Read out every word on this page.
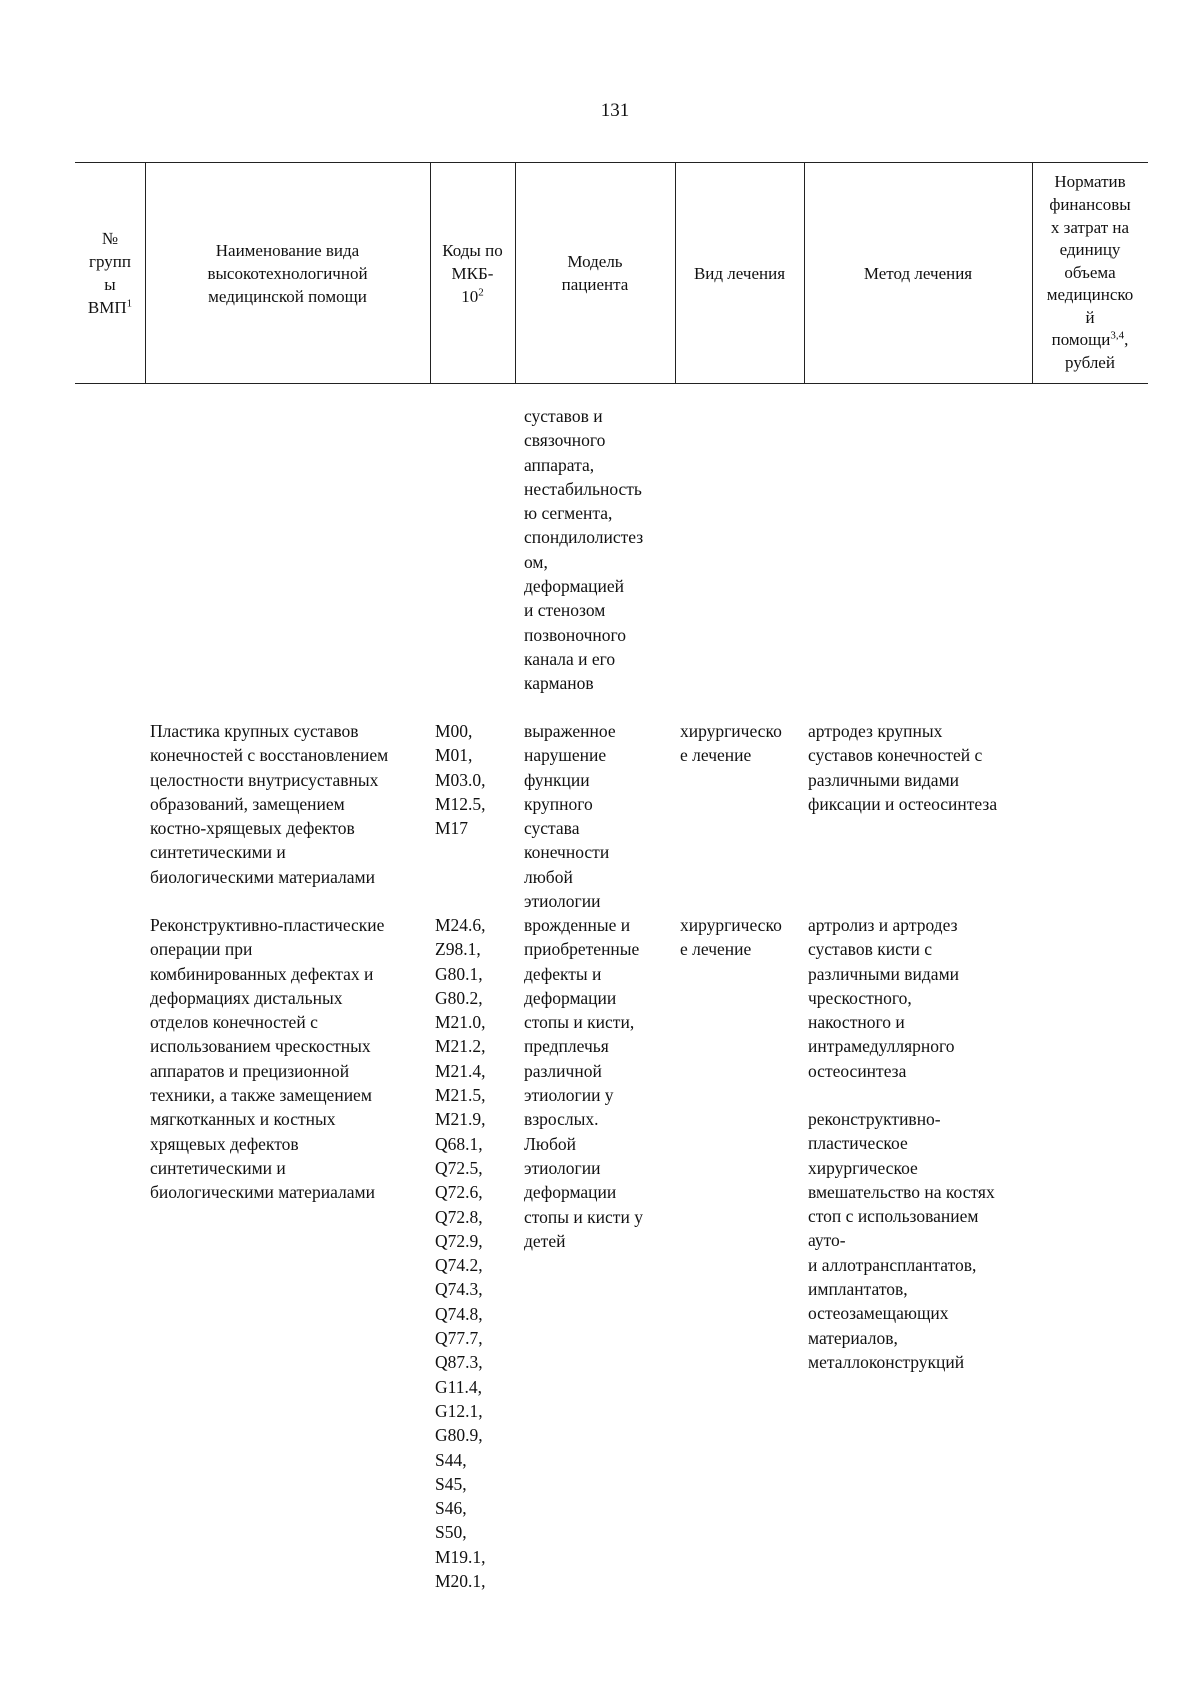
131
№
групп
ы
ВМП$^1$
Наименование вида
высокотехнологичной
медицинской помощи
Коды по
МКБ-
$10^2$
Модель
пациента
Вид лечения	Метод лечения
Норматив
финансовы
х затрат на
единицу
объема
медицинско
й
помощи$^{3,4}$,
рублей
суставов и
связочного
аппарата,
нестабильность
ю сегмента,
спондилолистез
ом,
деформацией
и стенозом
позвоночного
канала и его
карманов
Пластика крупных суставов
конечностей с восстановлением
целостности внутрисуставных
образований, замещением
костно-хрящевых дефектов
синтетическими и
биологическими материалами
M00,
M01,
M03.0,
M12.5,
M17
выраженное
нарушение
функции
крупного
сустава
конечности
любой
этиологии
хирургическо
е лечение
артродез крупных
суставов конечностей с
различными видами
фиксации и остеосинтеза
Реконструктивно-пластические
операции при
комбинированных дефектах и
деформациях дистальных
отделов конечностей с
использованием чрескостных
аппаратов и прецизионной
техники, а также замещением
мягкотканных и костных
хрящевых дефектов
синтетическими и
биологическими материалами
M24.6,
Z98.1,
G80.1,
G80.2,
M21.0,
M21.2,
M21.4,
M21.5,
M21.9,
Q68.1,
Q72.5,
Q72.6,
Q72.8,
Q72.9,
Q74.2,
Q74.3,
Q74.8,
Q77.7,
Q87.3,
G11.4,
G12.1,
G80.9,
S44,
S45,
S46,
S50,
M19.1,
M20.1,
врожденные и
приобретенные
дефекты и
деформации
стопы и кисти,
предплечья
различной
этиологии у
взрослых.
Любой
этиологии
деформации
стопы и кисти у
детей
хирургическо
е лечение
артролиз и артродез
суставов кисти с
различными видами
чрескостного,
накостного и
интрамедуллярного
остеосинтеза
реконструктивно-
пластическое
хирургическое
вмешательство на костях
стоп с использованием
ауто-
и аллотрансплантатов,
имплантатов,
остеозамещающих
материалов,
металлоконструкций
